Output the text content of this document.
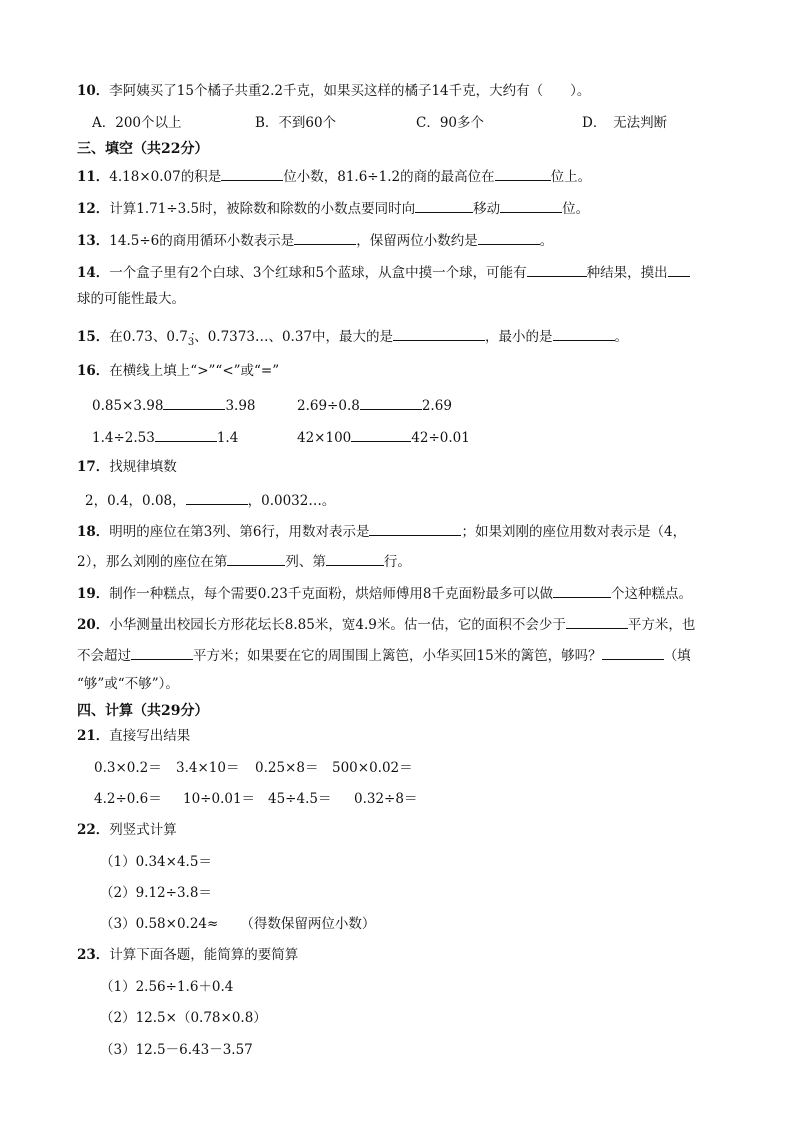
10．李阿姨买了15个橘子共重2.2千克，如果买这样的橘子14千克，大约有（　　）。
A．200个以上	B．不到60个	C．90多个	D．　无法判断
三、填空（共22分）
11．4.18×0.07的积是	位小数，81.6÷1.2的商的最高位在	位上。
12．计算1.71÷3.5时，被除数和除数的小数点要同时向	移动	位。
13．14.5÷6的商用循环小数表示是	，保留两位小数约是	。
14．一个盒子里有2个白球、3个红球和5个蓝球，从盒中摸一个球，可能有	种结果，摸出
球的可能性最大。
15．在0.73、0.7· $_3$、0.7373…、0.37中，最大的是	，最小的是	。
16．在横线上填上“>”“<”或“=”
0.85×3.98	3.98	2.69÷0.8	2.69
1.4÷2.53	1.4	42×100	42÷0.01
17．找规律填数
2，0.4，0.08，	，0.0032…。
18．明明的座位在第3列、第6行，用数对表示是	；如果刘刚的座位用数对表示是（4，
2），那么刘刚的座位在第	列、第	行。
19．制作一种糕点，每个需要0.23千克面粉，烘焙师傅用8千克面粉最多可以做	个这种糕点。
20．小华测量出校园长方形花坛长8.85米，宽4.9米。估一估，它的面积不会少于	平方米，也
不会超过	平方米；如果要在它的周围围上篱笆，小华买回15米的篱笆，够吗？	（填
“够”或“不够”）。
四、计算（共29分）
21．直接写出结果
0.3×0.2＝ 3.4×10＝ 0.25×8＝ 500×0.02＝
4.2÷0.6＝ 10÷0.01＝ 45÷4.5＝ 0.32÷8＝
22．列竖式计算
（1）0.34×4.5＝
（2）9.12÷3.8＝
（3）0.58×0.24≈ （得数保留两位小数）
23．计算下面各题，能简算的要简算
（1）2.56÷1.6＋0.4
（2）12.5×（0.78×0.8）
（3）12.5－6.43－3.57
